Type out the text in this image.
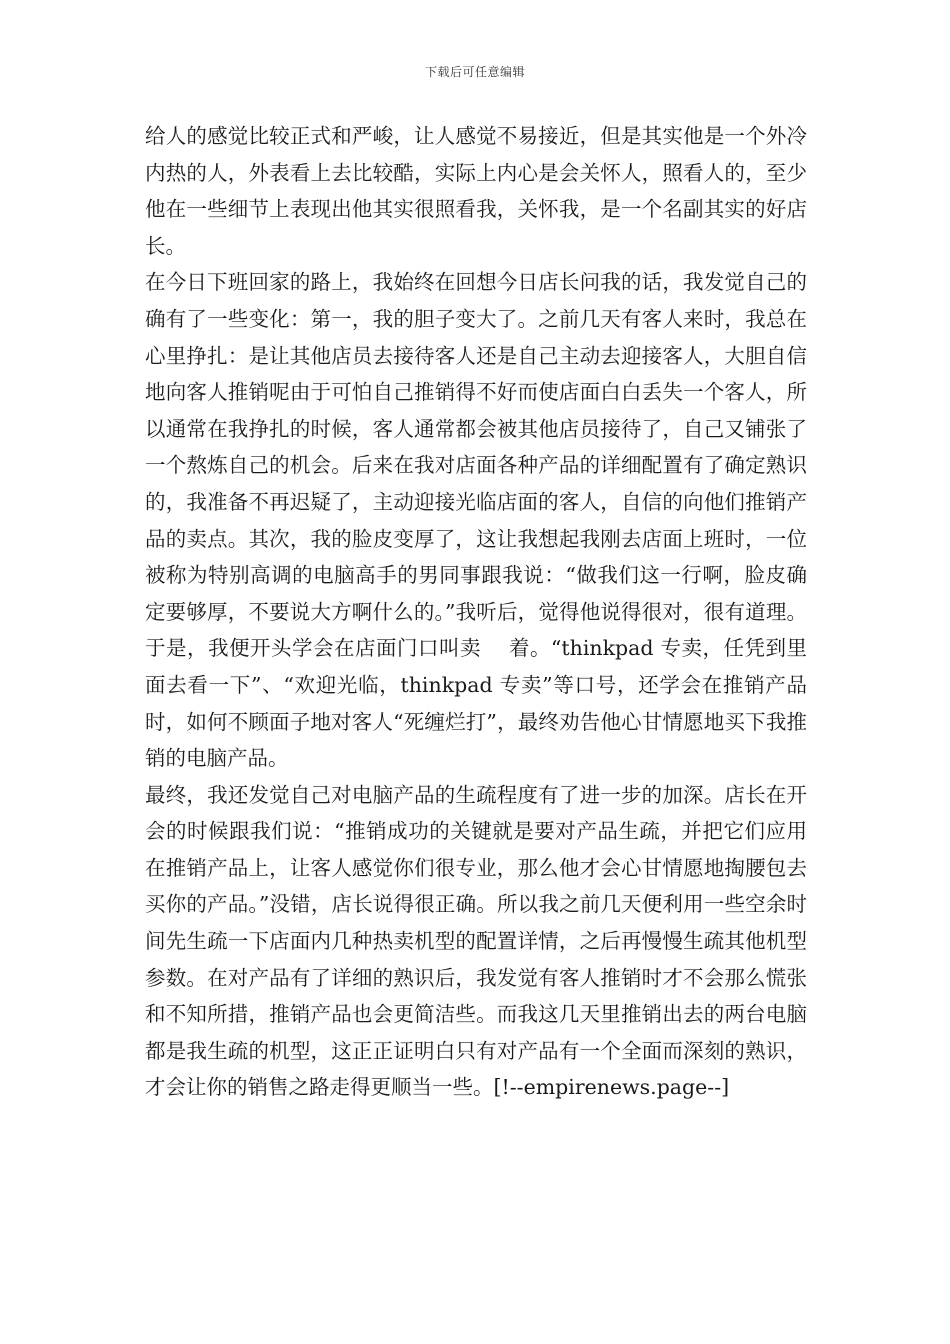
下载后可任意编辑

给人的感觉比较正式和严峻，让人感觉不易接近，但是其实他是一个外冷内热的人，外表看上去比较酷，实际上内心是会关怀人，照看人的，至少他在一些细节上表现出他其实很照看我，关怀我，是一个名副其实的好店长。

在今日下班回家的路上，我始终在回想今日店长问我的话，我发觉自己的确有了一些变化：第一，我的胆子变大了。之前几天有客人来时，我总在心里挣扎：是让其他店员去接待客人还是自己主动去迎接客人，大胆自信地向客人推销呢由于可怕自己推销得不好而使店面白白丢失一个客人，所以通常在我挣扎的时候，客人通常都会被其他店员接待了，自己又铺张了一个熬炼自己的机会。后来在我对店面各种产品的详细配置有了确定熟识的，我准备不再迟疑了，主动迎接光临店面的客人，自信的向他们推销产品的卖点。其次，我的脸皮变厚了，这让我想起我刚去店面上班时，一位被称为特别高调的电脑高手的男同事跟我说：“做我们这一行啊，脸皮确定要够厚，不要说大方啊什么的。”我听后，觉得他说得很对，很有道理。于是，我便开头学会在店面门口叫卖　 着。“thinkpad 专卖，任凭到里面去看一下”、“欢迎光临，thinkpad 专卖”等口号，还学会在推销产品时，如何不顾面子地对客人“死缠烂打”，最终劝告他心甘情愿地买下我推销的电脑产品。

最终，我还发觉自己对电脑产品的生疏程度有了进一步的加深。店长在开会的时候跟我们说：“推销成功的关键就是要对产品生疏，并把它们应用在推销产品上，让客人感觉你们很专业，那么他才会心甘情愿地掏腰包去买你的产品。”没错，店长说得很正确。所以我之前几天便利用一些空余时间先生疏一下店面内几种热卖机型的配置详情，之后再慢慢生疏其他机型参数。在对产品有了详细的熟识后，我发觉有客人推销时才不会那么慌张和不知所措，推销产品也会更简洁些。而我这几天里推销出去的两台电脑都是我生疏的机型，这正正证明白只有对产品有一个全面而深刻的熟识，才会让你的销售之路走得更顺当一些。[!--empirenews.page--]
